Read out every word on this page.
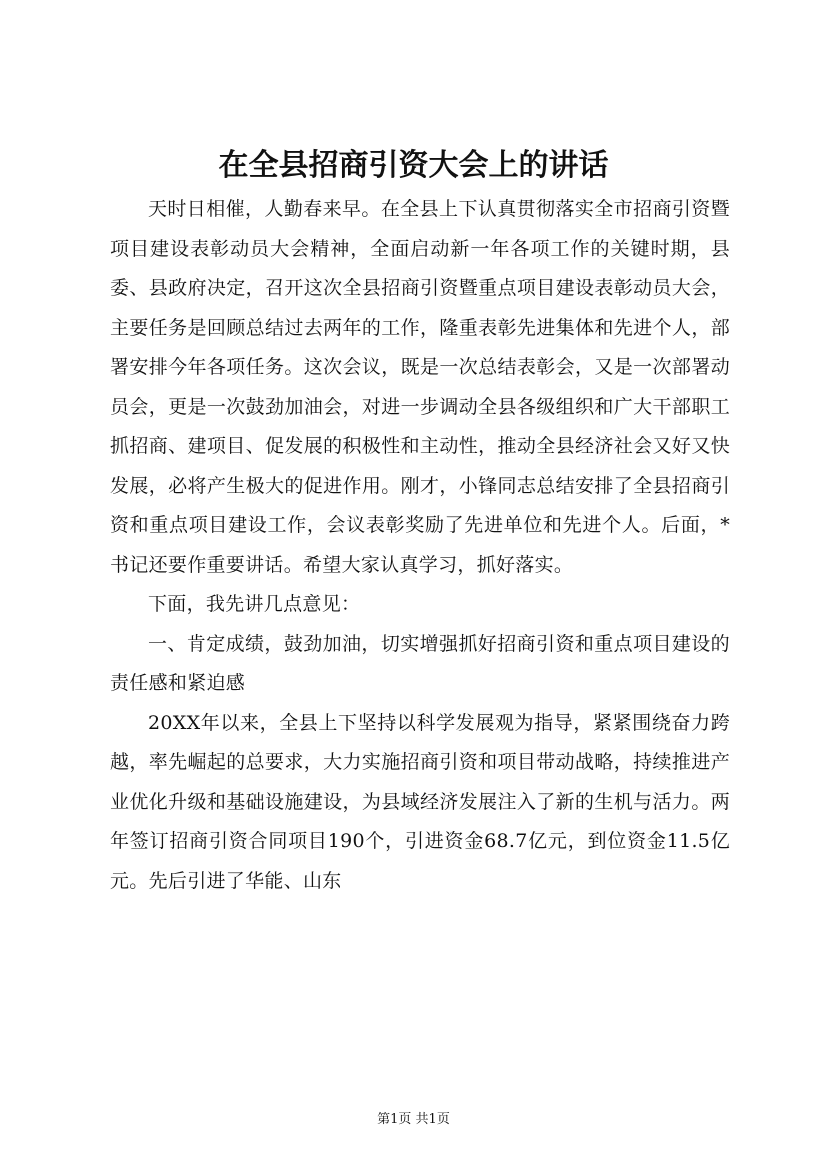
在全县招商引资大会上的讲话

天时日相催，人勤春来早。在全县上下认真贯彻落实全市招商引资暨项目建设表彰动员大会精神，全面启动新一年各项工作的关键时期，县委、县政府决定，召开这次全县招商引资暨重点项目建设表彰动员大会，主要任务是回顾总结过去两年的工作，隆重表彰先进集体和先进个人，部署安排今年各项任务。这次会议，既是一次总结表彰会，又是一次部署动员会，更是一次鼓劲加油会，对进一步调动全县各级组织和广大干部职工抓招商、建项目、促发展的积极性和主动性，推动全县经济社会又好又快发展，必将产生极大的促进作用。刚才，小锋同志总结安排了全县招商引资和重点项目建设工作，会议表彰奖励了先进单位和先进个人。后面，*书记还要作重要讲话。希望大家认真学习，抓好落实。

下面，我先讲几点意见：

一、肯定成绩，鼓劲加油，切实增强抓好招商引资和重点项目建设的责任感和紧迫感

20XX年以来，全县上下坚持以科学发展观为指导，紧紧围绕奋力跨越，率先崛起的总要求，大力实施招商引资和项目带动战略，持续推进产业优化升级和基础设施建设，为县域经济发展注入了新的生机与活力。两年签订招商引资合同项目190个，引进资金68.7亿元，到位资金11.5亿元。先后引进了华能、山东

第1页 共1页
